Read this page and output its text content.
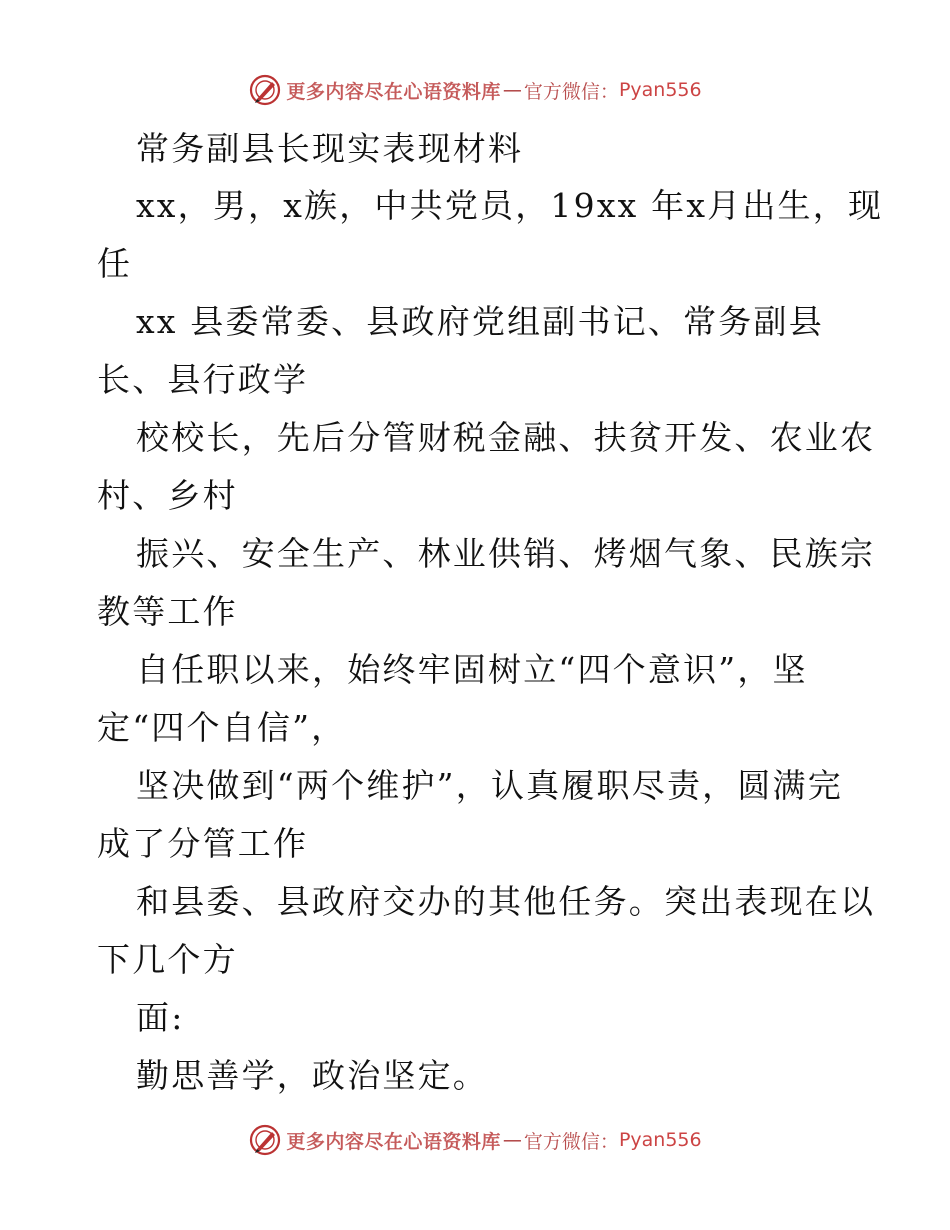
更多内容尽在心语资料库 — 官方微信： Pyan556
常务副县长现实表现材料
xx，男，x族，中共党员，19xx 年x月出生，现
任
xx 县委常委、县政府党组副书记、常务副县
长、县行政学
校校长，先后分管财税金融、扶贫开发、农业农
村、乡村
振兴、安全生产、林业供销、烤烟气象、民族宗
教等工作
自任职以来，始终牢固树立“四个意识”，坚
定“四个自信”，
坚决做到“两个维护”，认真履职尽责，圆满完
成了分管工作
和县委、县政府交办的其他任务。突出表现在以
下几个方
面:
勤思善学，政治坚定。
更多内容尽在心语资料库 — 官方微信： Pyan556
